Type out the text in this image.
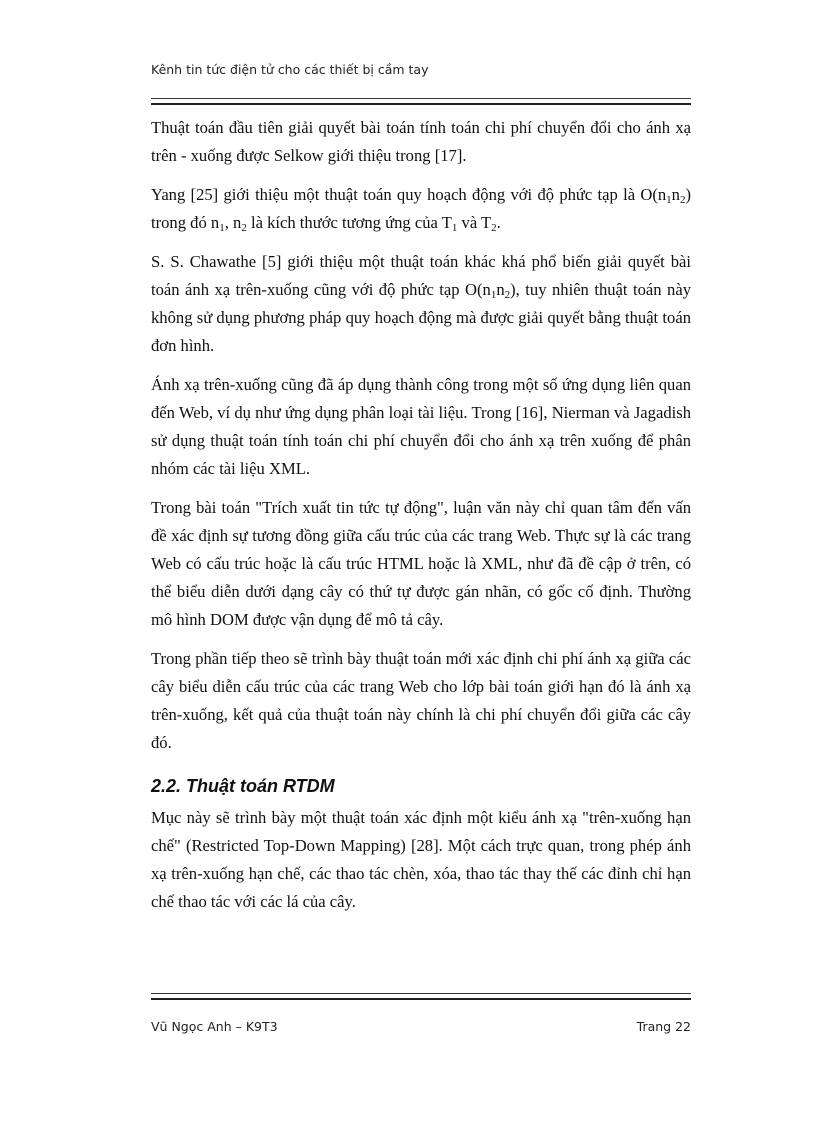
Kênh tin tức điện tử cho các thiết bị cầm tay

Thuật toán đầu tiên giải quyết bài toán tính toán chi phí chuyển đổi cho ánh xạ trên - xuống được Selkow giới thiệu trong [17].

Yang [25] giới thiệu một thuật toán quy hoạch động với độ phức tạp là $O(n_1n_2)$ trong đó $n_1$, $n_2$ là kích thước tương ứng của $T_1$ và $T_2$.

S. S. Chawathe [5] giới thiệu một thuật toán khác khá phổ biến giải quyết bài toán ánh xạ trên-xuống cũng với độ phức tạp $O(n_1n_2)$, tuy nhiên thuật toán này không sử dụng phương pháp quy hoạch động mà được giải quyết bằng thuật toán đơn hình.

Ánh xạ trên-xuống cũng đã áp dụng thành công trong một số ứng dụng liên quan đến Web, ví dụ như ứng dụng phân loại tài liệu. Trong [16], Nierman và Jagadish sử dụng thuật toán tính toán chi phí chuyển đổi cho ánh xạ trên xuống để phân nhóm các tài liệu XML.

Trong bài toán "Trích xuất tin tức tự động", luận văn này chỉ quan tâm đến vấn đề xác định sự tương đồng giữa cấu trúc của các trang Web. Thực sự là các trang Web có cấu trúc hoặc là cấu trúc HTML hoặc là XML, như đã đề cập ở trên, có thể biểu diễn dưới dạng cây có thứ tự được gán nhãn, có gốc cố định. Thường mô hình DOM được vận dụng để mô tả cây.

Trong phần tiếp theo sẽ trình bày thuật toán mới xác định chi phí ánh xạ giữa các cây biểu diễn cấu trúc của các trang Web cho lớp bài toán giới hạn đó là ánh xạ trên-xuống, kết quả của thuật toán này chính là chi phí chuyển đổi giữa các cây đó.

2.2. Thuật toán RTDM

Mục này sẽ trình bày một thuật toán xác định một kiểu ánh xạ "trên-xuống hạn chế" (Restricted Top-Down Mapping) [28]. Một cách trực quan, trong phép ánh xạ trên-xuống hạn chế, các thao tác chèn, xóa, thao tác thay thế các đỉnh chỉ hạn chế thao tác với các lá của cây.

Vũ Ngọc Anh – K9T3	Trang 22
